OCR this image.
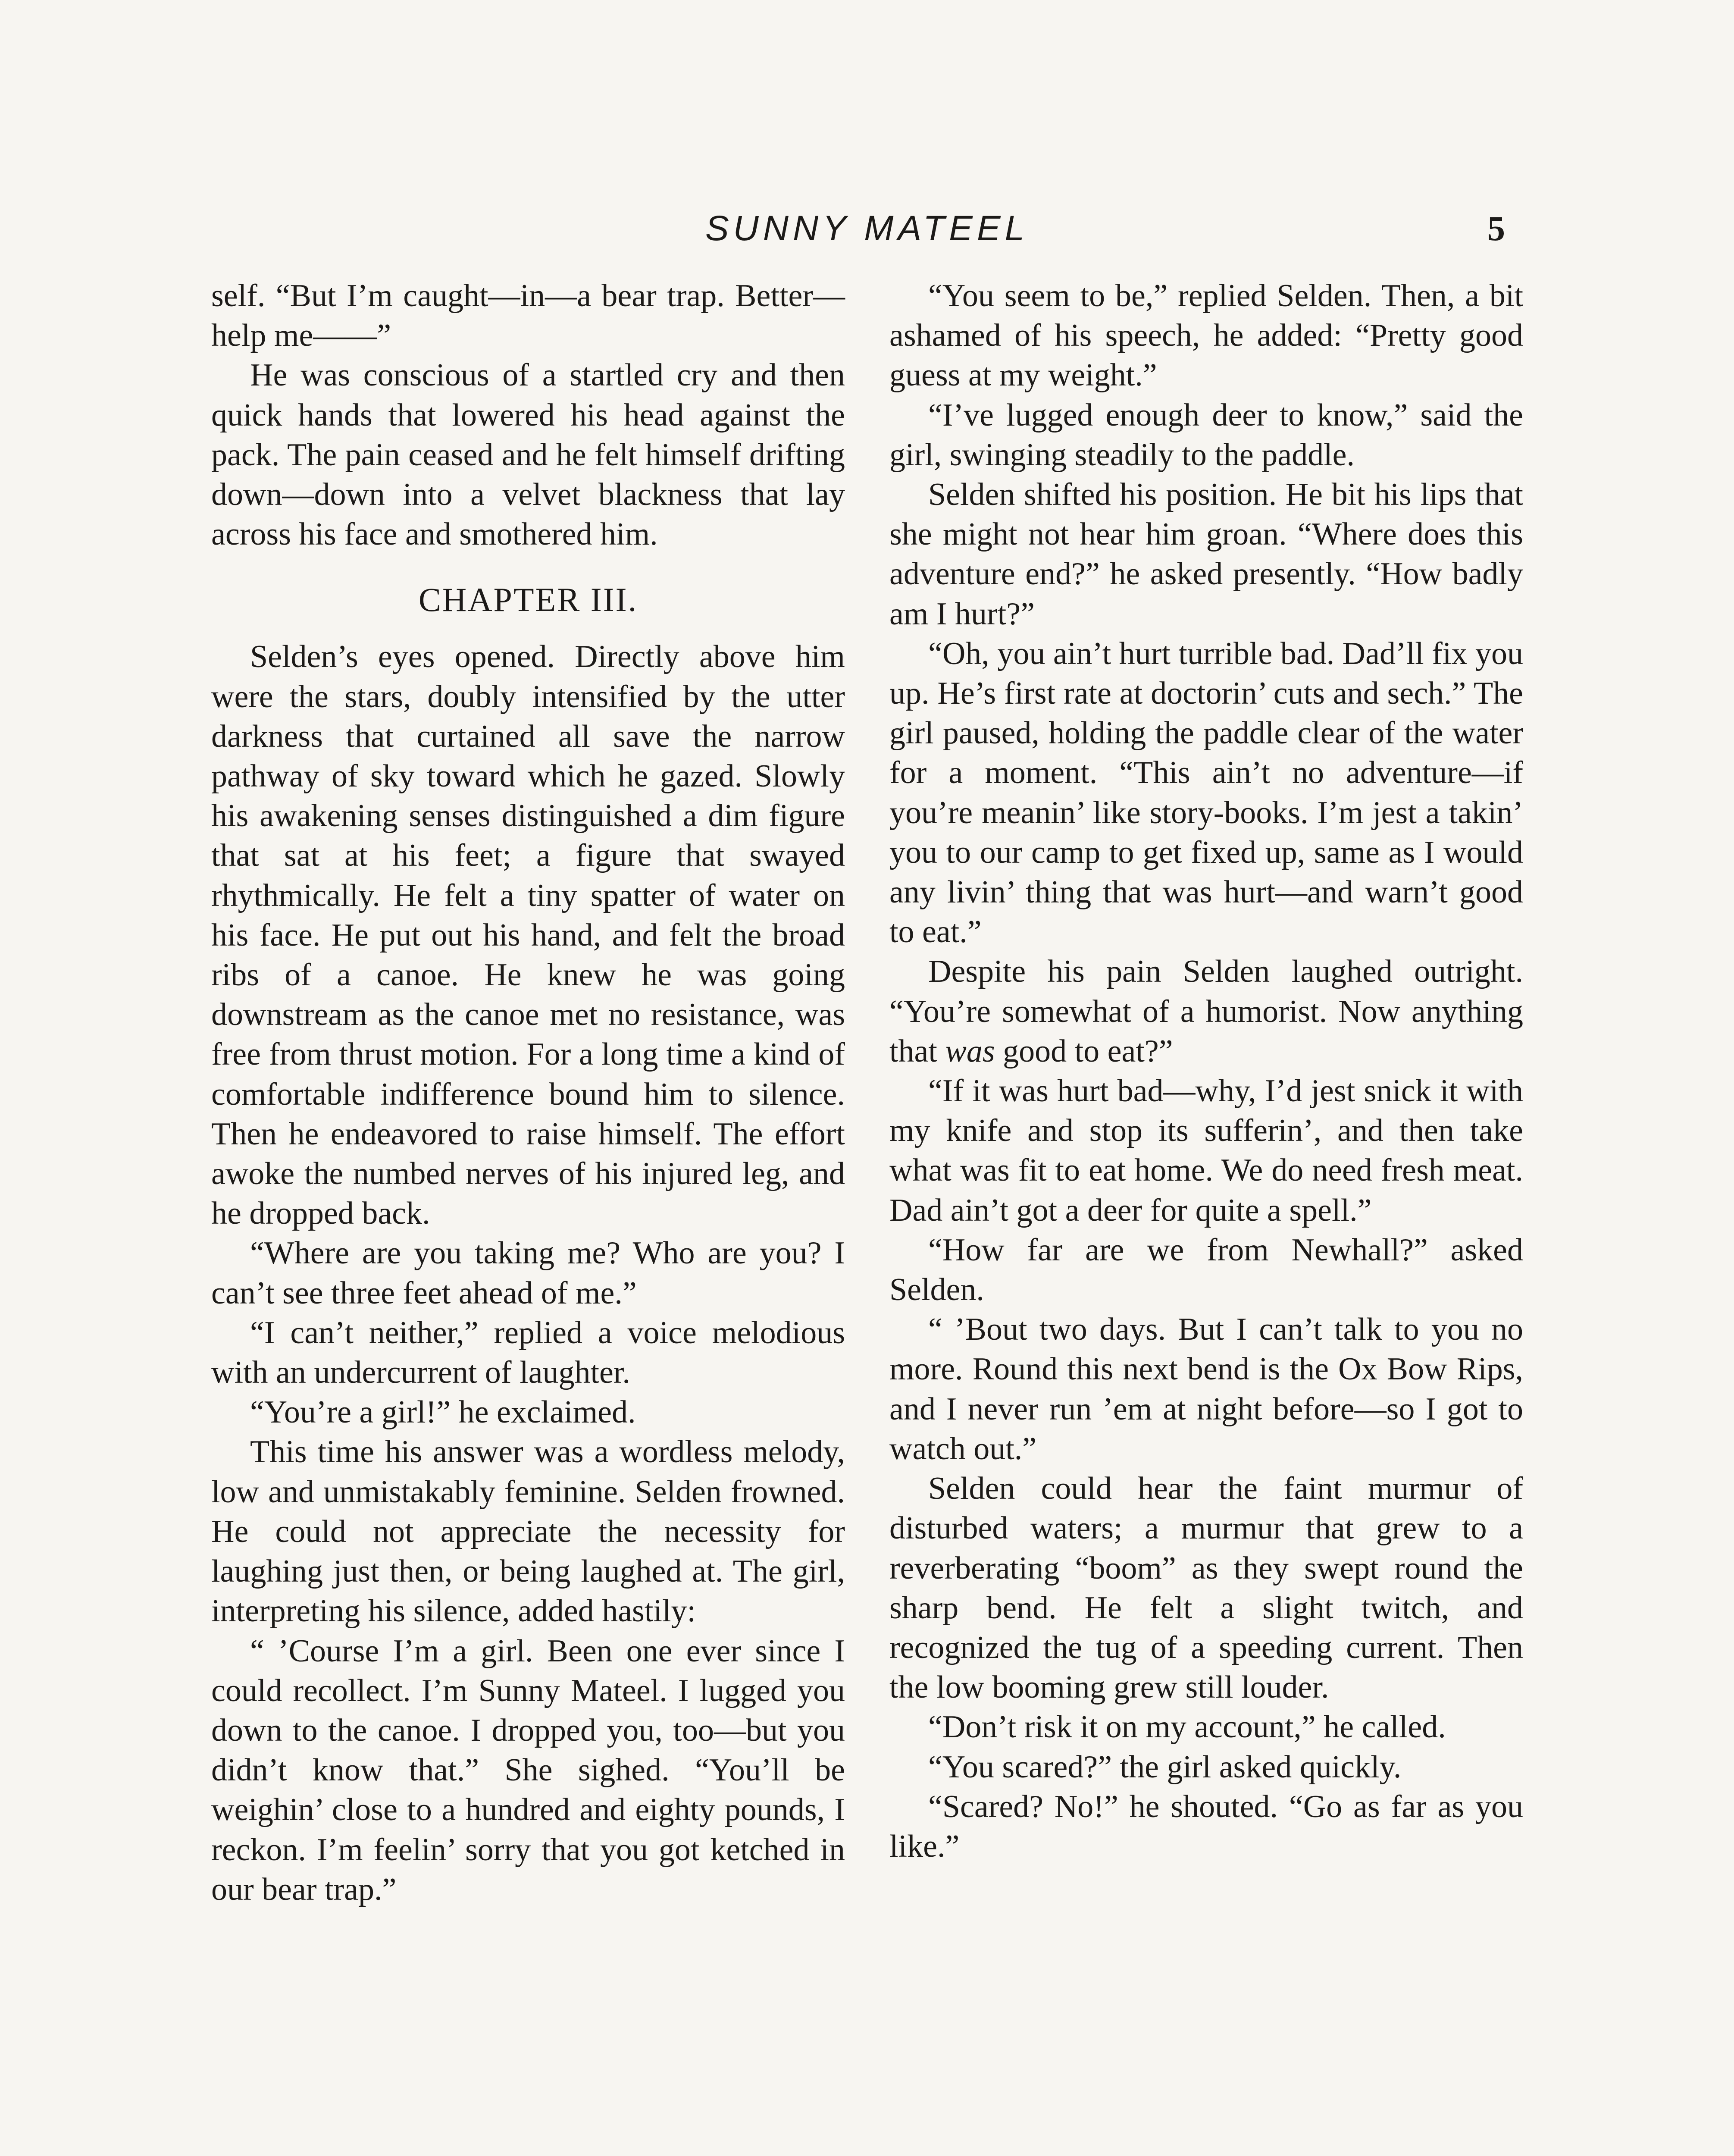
SUNNY MATEEL	5

self. “But I’m caught—in—a bear trap. Better—help me——”

He was conscious of a startled cry and then quick hands that lowered his head against the pack. The pain ceased and he felt himself drifting down—down into a velvet blackness that lay across his face and smothered him.

CHAPTER III.

Selden’s eyes opened. Directly above him were the stars, doubly intensified by the utter darkness that curtained all save the narrow pathway of sky toward which he gazed. Slowly his awakening senses distinguished a dim figure that sat at his feet; a figure that swayed rhythmically. He felt a tiny spatter of water on his face. He put out his hand, and felt the broad ribs of a canoe. He knew he was going downstream as the canoe met no resistance, was free from thrust motion. For a long time a kind of comfortable indifference bound him to silence. Then he endeavored to raise himself. The effort awoke the numbed nerves of his injured leg, and he dropped back.

“Where are you taking me? Who are you? I can’t see three feet ahead of me.”

“I can’t neither,” replied a voice melodious with an undercurrent of laughter.

“You’re a girl!” he exclaimed.

This time his answer was a wordless melody, low and unmistakably feminine. Selden frowned. He could not appreciate the necessity for laughing just then, or being laughed at. The girl, interpreting his silence, added hastily:

“ ’Course I’m a girl. Been one ever since I could recollect. I’m Sunny Mateel. I lugged you down to the canoe. I dropped you, too—but you didn’t know that.” She sighed. “You’ll be weighin’ close to a hundred and eighty pounds, I reckon. I’m feelin’ sorry that you got ketched in our bear trap.”

“You seem to be,” replied Selden. Then, a bit ashamed of his speech, he added: “Pretty good guess at my weight.”

“I’ve lugged enough deer to know,” said the girl, swinging steadily to the paddle.

Selden shifted his position. He bit his lips that she might not hear him groan. “Where does this adventure end?” he asked presently. “How badly am I hurt?”

“Oh, you ain’t hurt turrible bad. Dad’ll fix you up. He’s first rate at doctorin’ cuts and sech.” The girl paused, holding the paddle clear of the water for a moment. “This ain’t no adventure—if you’re meanin’ like story-books. I’m jest a takin’ you to our camp to get fixed up, same as I would any livin’ thing that was hurt—and warn’t good to eat.”

Despite his pain Selden laughed outright. “You’re somewhat of a humorist. Now anything that was good to eat?”

“If it was hurt bad—why, I’d jest snick it with my knife and stop its sufferin’, and then take what was fit to eat home. We do need fresh meat. Dad ain’t got a deer for quite a spell.”

“How far are we from Newhall?” asked Selden.

“ ’Bout two days. But I can’t talk to you no more. Round this next bend is the Ox Bow Rips, and I never run ’em at night before—so I got to watch out.”

Selden could hear the faint murmur of disturbed waters; a murmur that grew to a reverberating “boom” as they swept round the sharp bend. He felt a slight twitch, and recognized the tug of a speeding current. Then the low booming grew still louder.

“Don’t risk it on my account,” he called.

“You scared?” the girl asked quickly.

“Scared? No!” he shouted. “Go as far as you like.”
